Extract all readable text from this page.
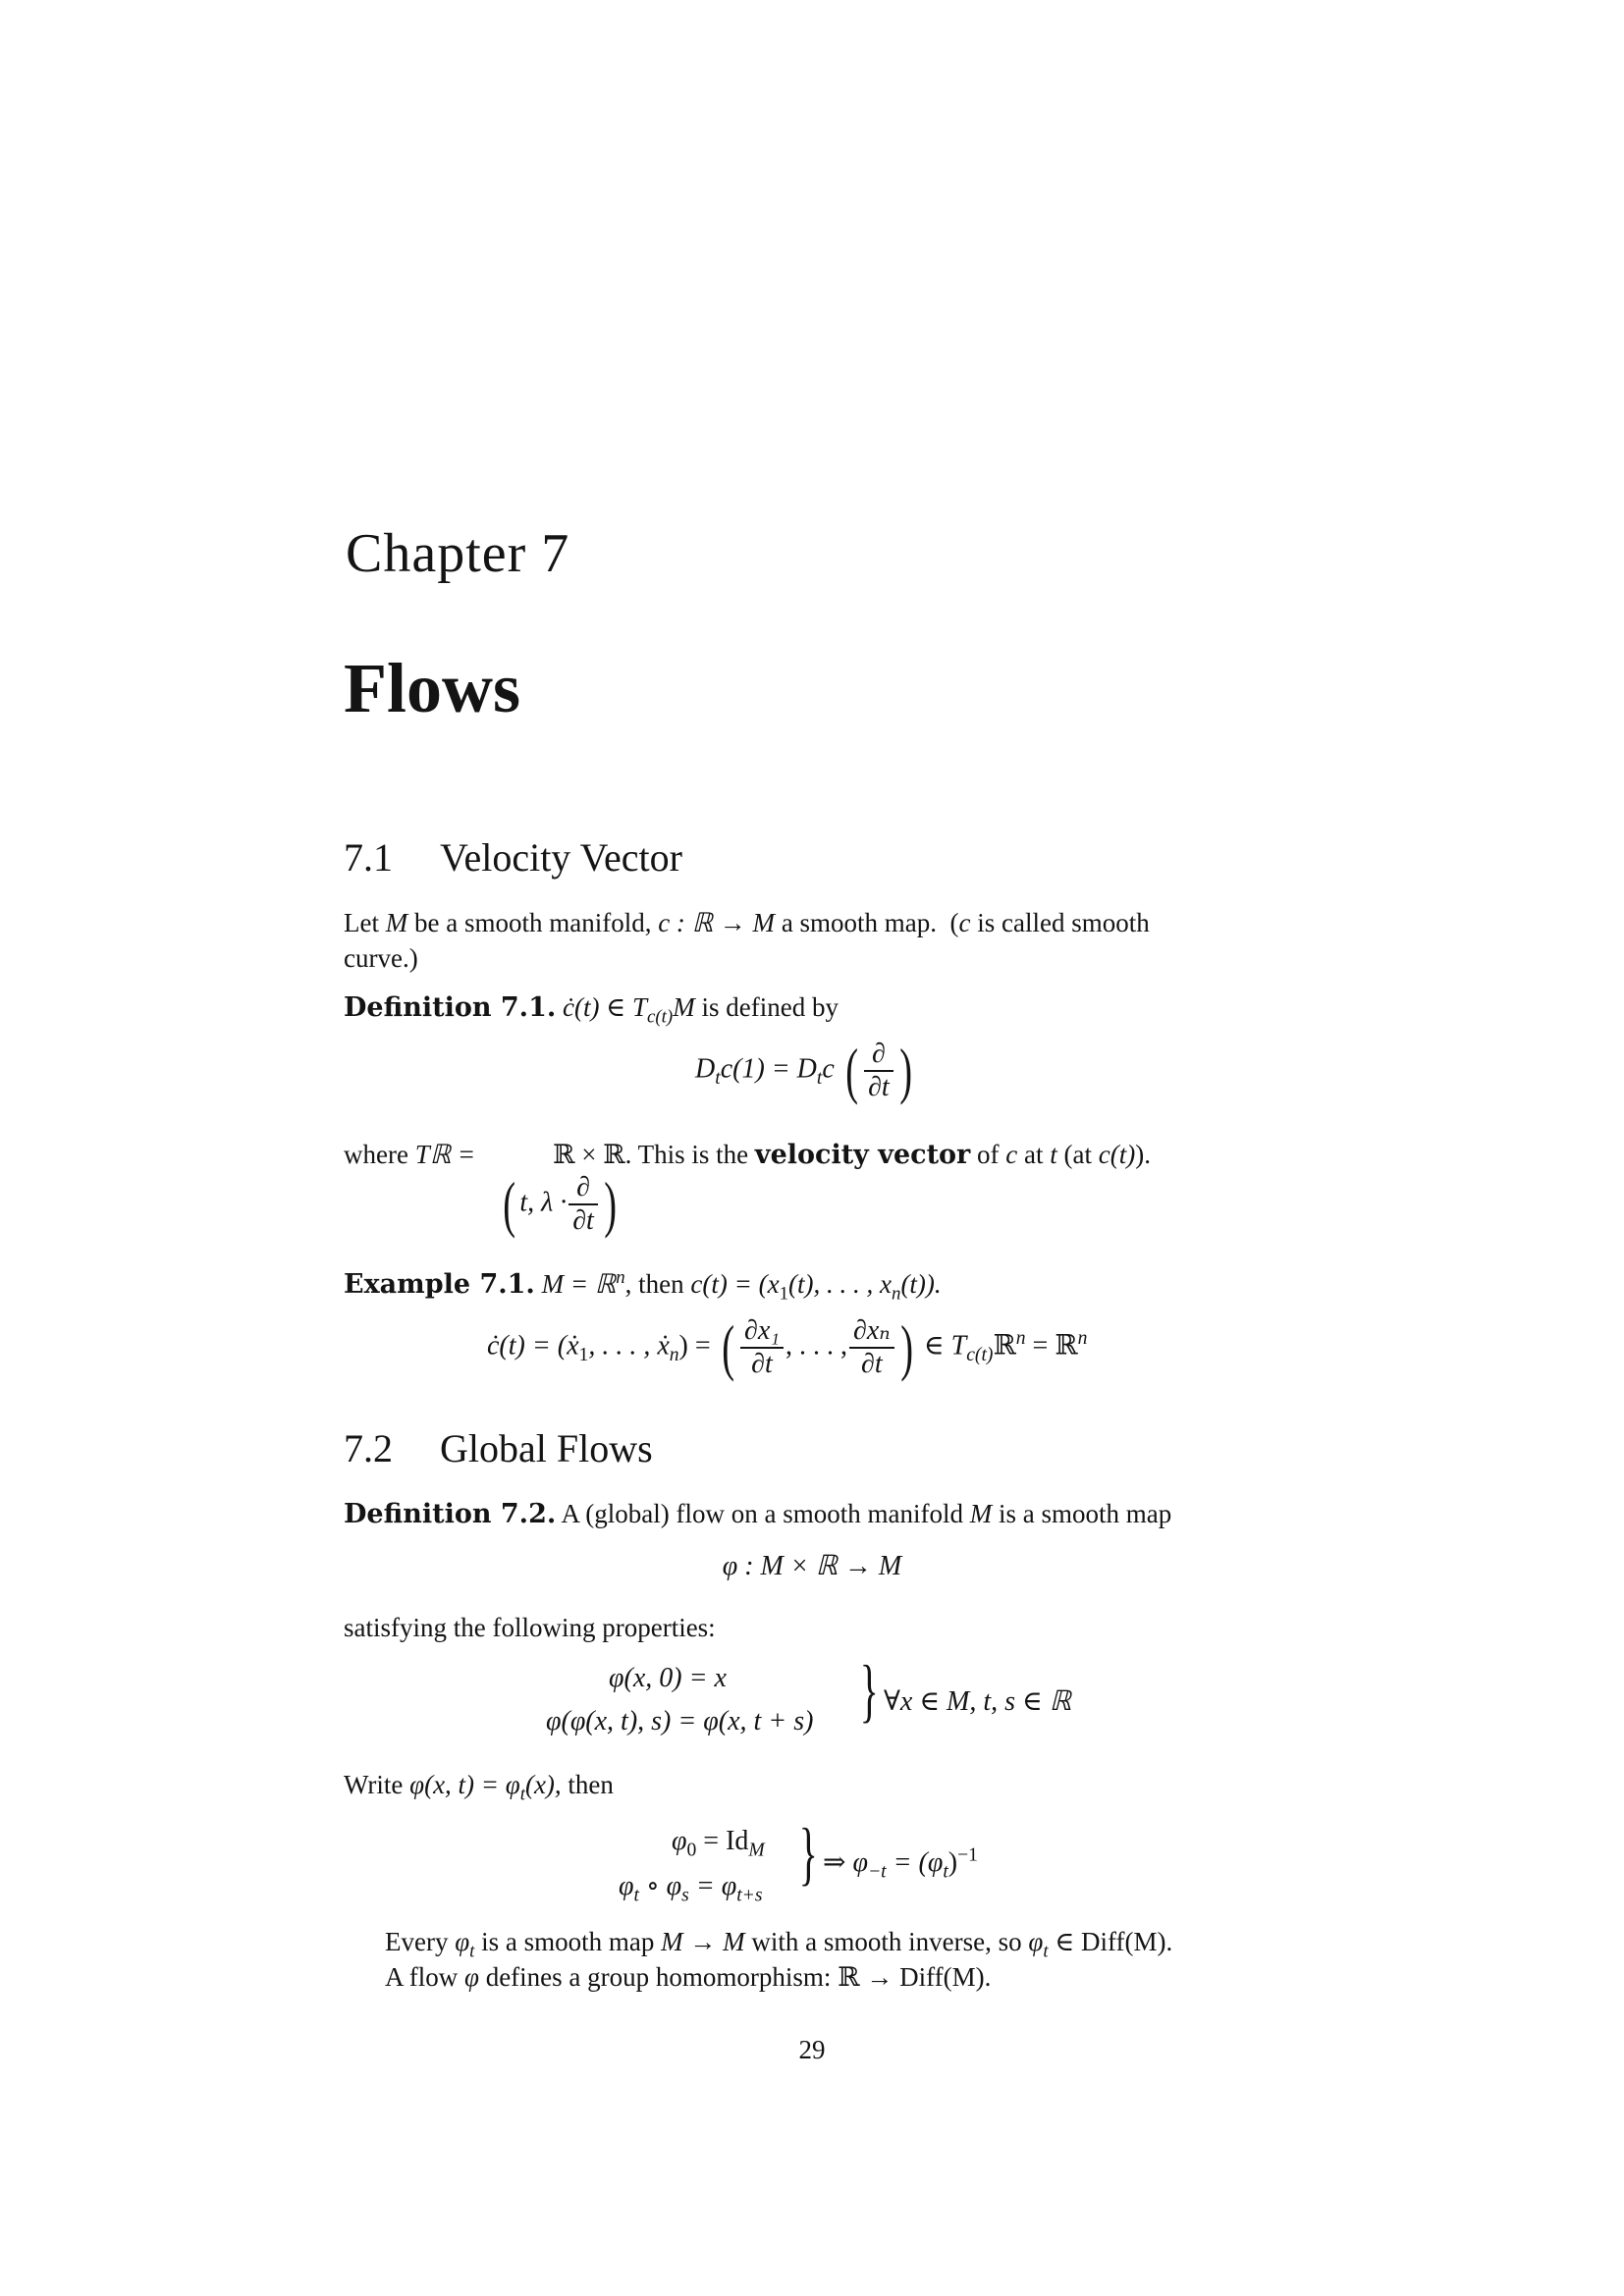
Chapter 7
Flows
7.1 Velocity Vector
Let M be a smooth manifold, c : ℝ → M a smooth map. (c is called smooth
curve.)
Definition 7.1. ċ(t) ∈ $T_{c(t)}M$ is defined by
$D_tc(1) = D_tc$ ( $\frac{\partial}{\partial t}$ )
where Tℝ =	ℝ × ℝ. This is the velocity vector of c at t (at c(t)).
( t, $\lambda \cdot \frac{\partial}{\partial t}$ )
Example 7.1. M = ℝ$^n$, then $c(t) = (x_1(t)$, . . . , $x_n(t)$).
ċ(t) = (ẋ$_1$, . . . , ẋ$_n$) = ( $\frac{\text{∂x₁}}{\partial t}$ , . . . , $\frac{\text{∂xₙ}}{\partial t}$ ) ∈ $T_{c(t)}ℝ^n$ = ℝ$^n$
7.2 Global Flows
Definition 7.2. A (global) flow on a smooth manifold M is a smooth map
φ : M × ℝ → M
satisfying the following properties:
φ(x, 0) = x
φ(φ(x, t), s) = φ(x, t + s) } ∀x ∈ M, t, s ∈ ℝ
Write φ(x, $t) = \varphi_t(x)$, then
$\varphi_0 = Id_M$
$\varphi_t$ ∘ $\varphi_s = \varphi_{t+s}$
} ⇒ $\varphi_{-t} = (\varphi_t)^{-1}$
Every $\varphi_t$ is a smooth map M → M with a smooth inverse, so $\varphi_t$ ∈ Diff(M).
A flow φ defines a group homomorphism: ℝ → Diff(M).
29
